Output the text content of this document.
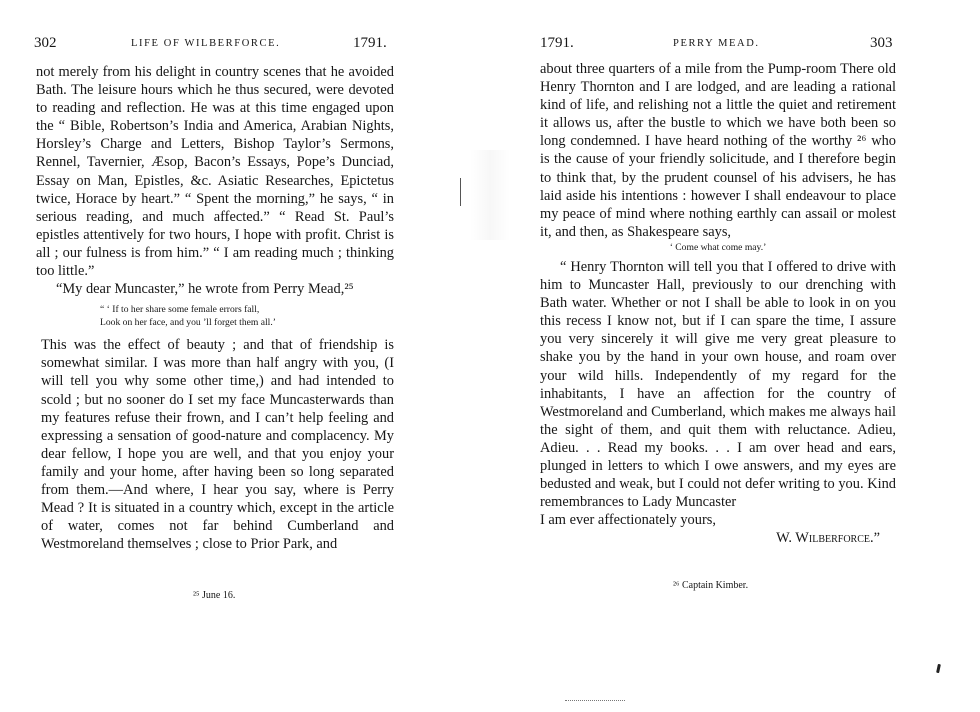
302	LIFE OF WILBERFORCE.	1791.

not merely from his delight in country scenes that he avoided Bath. The leisure hours which he thus secured, were devoted to reading and reflection. He was at this time engaged upon the “ Bible, Robertson’s India and America, Arabian Nights, Horsley’s Charge and Letters, Bishop Taylor’s Sermons, Rennel, Tavernier, Æsop, Bacon’s Essays, Pope’s Dunciad, Essay on Man, Epistles, &c. Asiatic Researches, Epictetus twice, Horace by heart.” “ Spent the morning,” he says, “ in serious reading, and much affected.” “ Read St. Paul’s epistles attentively for two hours, I hope with profit. Christ is all ; our fulness is from him.” “ I am reading much ; thinking too little.”

“My dear Muncaster,” he wrote from Perry Mead,²⁵

“ ‘ If to her share some female errors fall,
Look on her face, and you ’ll forget them all.’

This was the effect of beauty ; and that of friendship is somewhat similar. I was more than half angry with you, (I will tell you why some other time,) and had intended to scold ; but no sooner do I set my face Muncasterwards than my features refuse their frown, and I can’t help feeling and expressing a sensation of good-nature and complacency. My dear fellow, I hope you are well, and that you enjoy your family and your home, after having been so long separated from them.—And where, I hear you say, where is Perry Mead ? It is situated in a country which, except in the article of water, comes not far behind Cumberland and Westmoreland themselves ; close to Prior Park, and

²⁵ June 16.
1791.	PERRY MEAD.	303

about three quarters of a mile from the Pump-room There old Henry Thornton and I are lodged, and are leading a rational kind of life, and relishing not a little the quiet and retirement it allows us, after the bustle to which we have both been so long condemned. I have heard nothing of the worthy ²⁶ who is the cause of your friendly solicitude, and I therefore begin to think that, by the prudent counsel of his advisers, he has laid aside his intentions : however I shall endeavour to place my peace of mind where nothing earthly can assail or molest it, and then, as Shakespeare says,

‘ Come what come may.’

“ Henry Thornton will tell you that I offered to drive with him to Muncaster Hall, previously to our drenching with Bath water. Whether or not I shall be able to look in on you this recess I know not, but if I can spare the time, I assure you very sincerely it will give me very great pleasure to shake you by the hand in your own house, and roam over your wild hills. Independently of my regard for the inhabitants, I have an affection for the country of Westmoreland and Cumberland, which makes me always hail the sight of them, and quit them with reluctance. Adieu, Adieu. . . Read my books. . . I am over head and ears, plunged in letters to which I owe answers, and my eyes are bedusted and weak, but I could not defer writing to you. Kind remembrances to Lady Muncaster

I am ever affectionately yours,

W. Wilberforce.”

²⁶ Captain Kimber.
